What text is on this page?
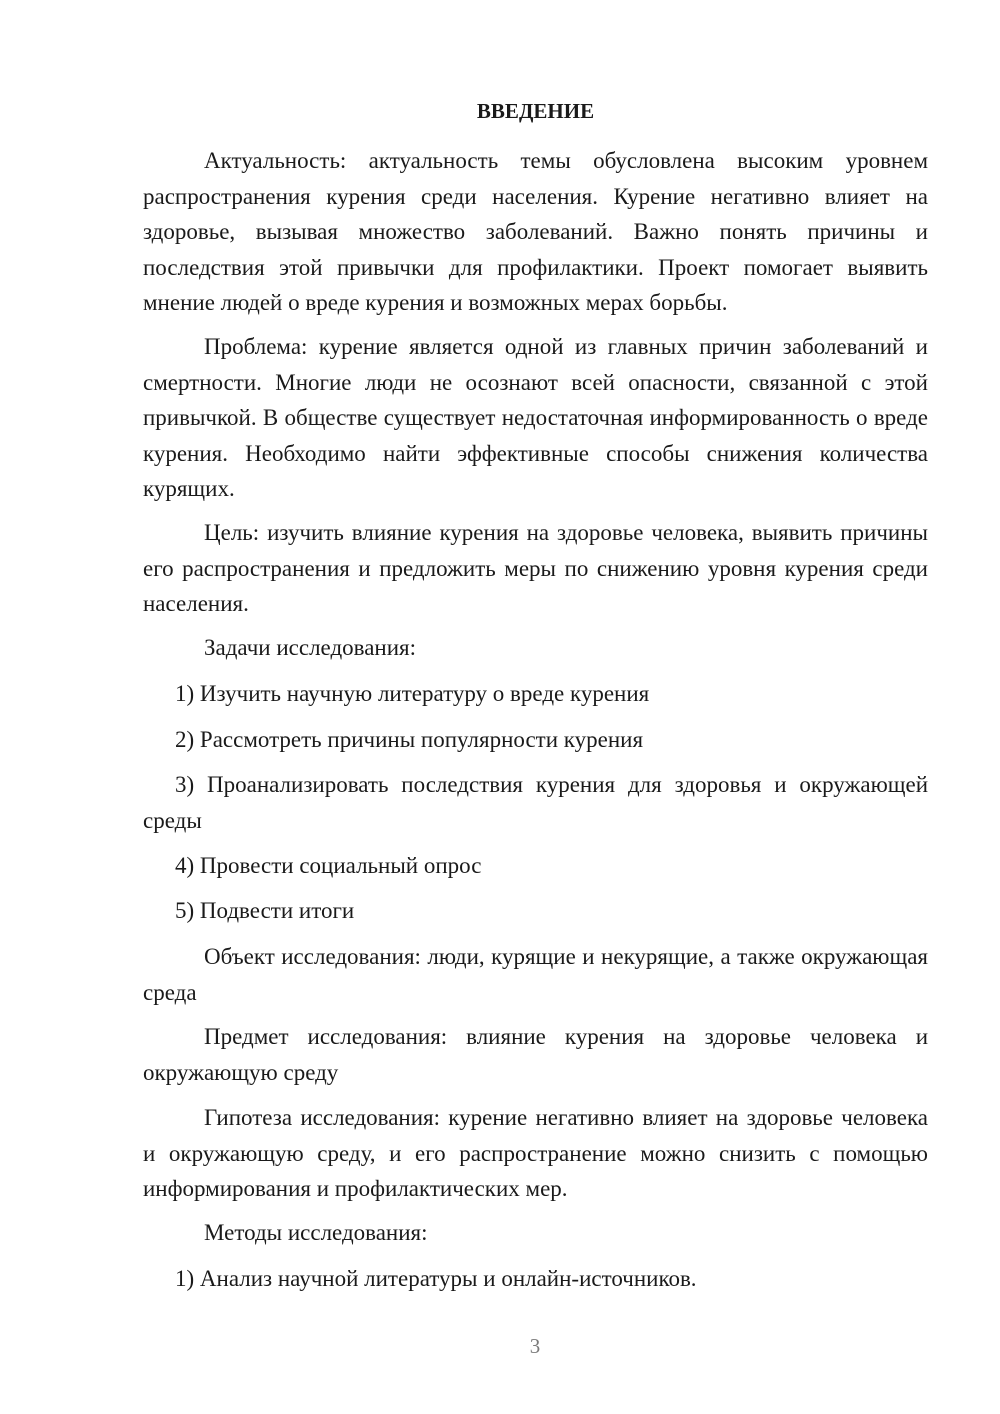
ВВЕДЕНИЕ

Актуальность: актуальность темы обусловлена высоким уровнем распространения курения среди населения. Курение негативно влияет на здоровье, вызывая множество заболеваний. Важно понять причины и последствия этой привычки для профилактики. Проект помогает выявить мнение людей о вреде курения и возможных мерах борьбы.

Проблема: курение является одной из главных причин заболеваний и смертности. Многие люди не осознают всей опасности, связанной с этой привычкой. В обществе существует недостаточная информированность о вреде курения. Необходимо найти эффективные способы снижения количества курящих.

Цель: изучить влияние курения на здоровье человека, выявить причины его распространения и предложить меры по снижению уровня курения среди населения.

Задачи исследования:

1) Изучить научную литературу о вреде курения

2) Рассмотреть причины популярности курения

3) Проанализировать последствия курения для здоровья и окружающей среды

4) Провести социальный опрос

5) Подвести итоги

Объект исследования: люди, курящие и некурящие, а также окружающая среда

Предмет исследования: влияние курения на здоровье человека и окружающую среду

Гипотеза исследования: курение негативно влияет на здоровье человека и окружающую среду, и его распространение можно снизить с помощью информирования и профилактических мер.

Методы исследования:

1) Анализ научной литературы и онлайн-источников.

3
